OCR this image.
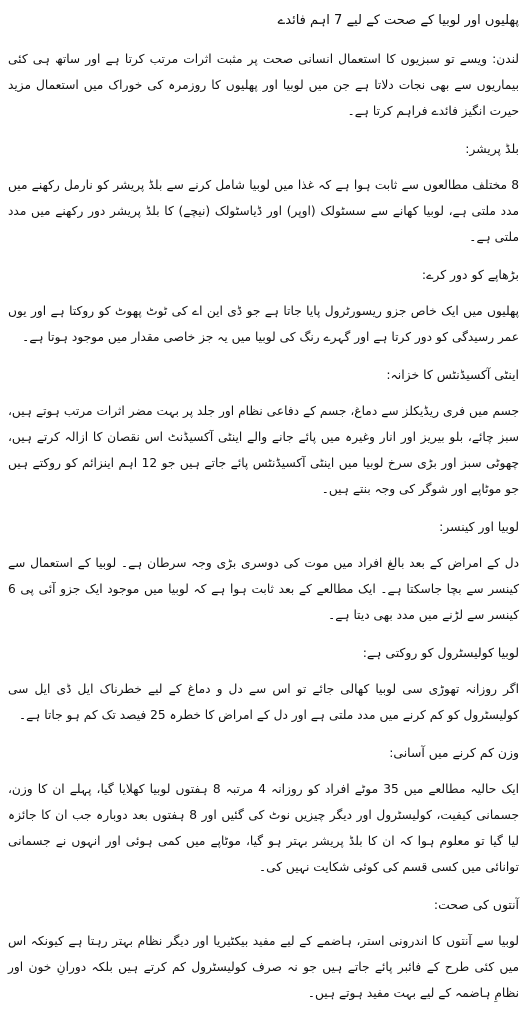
پھلیوں اور لوبیا کے صحت کے لیے 7 اہم فائدے

لندن: ویسے تو سبزیوں کا استعمال انسانی صحت پر مثبت اثرات مرتب کرتا ہے اور ساتھ ہی کئی بیماریوں سے بھی نجات دلاتا ہے جن میں لوبیا اور پھلیوں کا روزمرہ کی خوراک میں استعمال مزید حیرت انگیز فائدے فراہم کرتا ہے۔

بلڈ پریشر:

8 مختلف مطالعوں سے ثابت ہوا ہے کہ غذا میں لوبیا شامل کرنے سے بلڈ پریشر کو نارمل رکھنے میں مدد ملتی ہے، لوبیا کھانے سے سسٹولک (اوپر) اور ڈیاسٹولک (نیچے) کا بلڈ پریشر دور رکھنے میں مدد ملتی ہے۔

بڑھاپے کو دور کرے:

پھلیوں میں ایک خاص جزو ریسورٹرول پایا جاتا ہے جو ڈی این اے کی ٹوٹ پھوٹ کو روکتا ہے اور یوں عمر رسیدگی کو دور کرتا ہے اور گہرے رنگ کی لوبیا میں یہ جز خاصی مقدار میں موجود ہوتا ہے۔

اینٹی آکسیڈنٹس کا خزانہ:

جسم میں فری ریڈیکلز سے دماغ، جسم کے دفاعی نظام اور جلد پر بہت مضر اثرات مرتب ہوتے ہیں، سبز چائے، بلو بیریز اور انار وغیرہ میں پائے جانے والے اینٹی آکسیڈنٹ اس نقصان کا ازالہ کرتے ہیں، چھوٹی سبز اور بڑی سرخ لوبیا میں اینٹی آکسیڈنٹس پائے جاتے ہیں جو 12 اہم اینزائم کو روکتے ہیں جو موٹاپے اور شوگر کی وجہ بنتے ہیں۔

لوبیا اور کینسر:

دل کے امراض کے بعد بالغ افراد میں موت کی دوسری بڑی وجہ سرطان ہے۔ لوبیا کے استعمال سے کینسر سے بچا جاسکتا ہے۔ ایک مطالعے کے بعد ثابت ہوا ہے کہ لوبیا میں موجود ایک جزو آئی پی 6 کینسر سے لڑنے میں مدد بھی دیتا ہے۔

لوبیا کولیسٹرول کو روکتی ہے:

اگر روزانہ تھوڑی سی لوبیا کھالی جائے تو اس سے دل و دماغ کے لیے خطرناک ایل ڈی ایل سی کولیسٹرول کو کم کرنے میں مدد ملتی ہے اور دل کے امراض کا خطرہ 25 فیصد تک کم ہو جاتا ہے۔

وزن کم کرنے میں آسانی:

ایک حالیہ مطالعے میں 35 موٹے افراد کو روزانہ 4 مرتبہ 8 ہفتوں لوبیا کھلایا گیا، پہلے ان کا وزن، جسمانی کیفیت، کولیسٹرول اور دیگر چیزیں نوٹ کی گئیں اور 8 ہفتوں بعد دوبارہ جب ان کا جائزہ لیا گیا تو معلوم ہوا کہ ان کا بلڈ پریشر بہتر ہو گیا، موٹاپے میں کمی ہوئی اور انہوں نے جسمانی توانائی میں کسی قسم کی کوئی شکایت نہیں کی۔

آنتوں کی صحت:

لوبیا سے آنتوں کا اندرونی استر، ہاضمے کے لیے مفید بیکٹیریا اور دیگر نظام بہتر رہتا ہے کیونکہ اس میں کئی طرح کے فائبر پائے جاتے ہیں جو نہ صرف کولیسٹرول کم کرتے ہیں بلکہ دورانِ خون اور نظامِ ہاضمہ کے لیے بہت مفید ہوتے ہیں۔
